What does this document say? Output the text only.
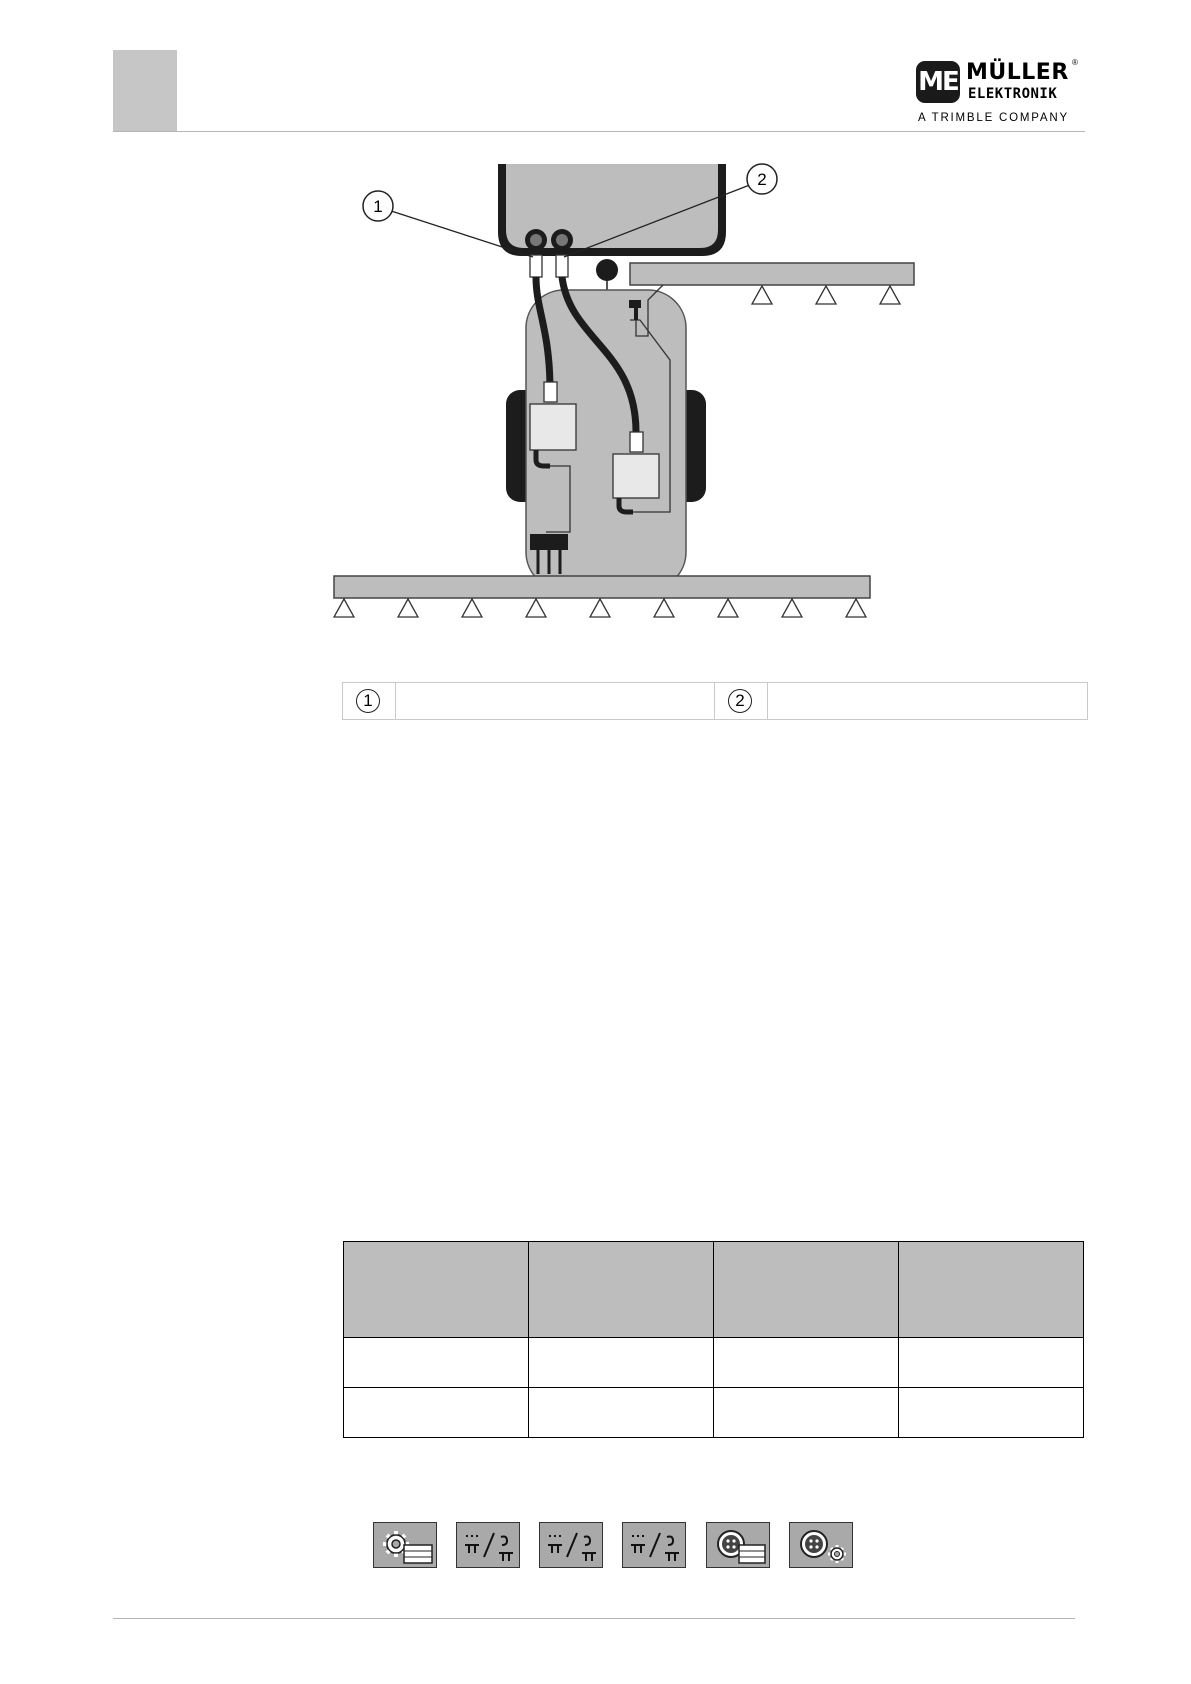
ME MÜLLER ®
ELEKTRONIK
A TRIMBLE COMPANY
1
2
1	2
